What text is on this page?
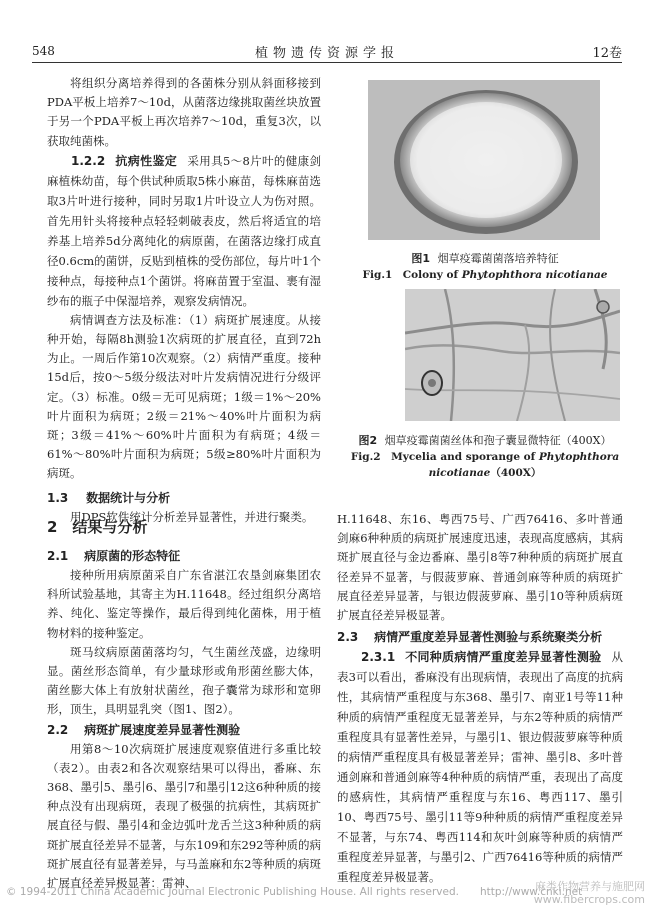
548	植物遗传资源学报	12卷

将组织分离培养得到的各菌株分别从斜面移接到PDA平板上培养7～10d，从菌落边缘挑取菌丝块放置于另一个PDA平板上再次培养7～10d，重复3次，以获取纯菌株。

1.2.2 抗病性鉴定 采用具5～8片叶的健康剑麻植株幼苗，每个供试种质取5株小麻苗，每株麻苗选取3片叶进行接种，同时另取1片叶设立人为伤对照。首先用针头将接种点轻轻刺破表皮，然后将适宜的培养基上培养5d分离纯化的病原菌，在菌落边缘打成直径0.6cm的菌饼，反贴到植株的受伤部位，每片叶1个接种点，每接种点1个菌饼。将麻苗置于室温、裹有湿纱布的瓶子中保湿培养，观察发病情况。

病情调查方法及标准：（1）病斑扩展速度。从接种开始，每隔8h测验1次病斑的扩展直径，直到72h为止。一周后作第10次观察。（2）病情严重度。接种15d后，按0～5级分级法对叶片发病情况进行分级评定。（3）标准。0级＝无可见病斑；1级＝1%～20%叶片面积为病斑；2级＝21%～40%叶片面积为病斑；3级＝41%～60%叶片面积为有病斑；4级＝61%～80%叶片面积为病斑；5级≥80%叶片面积为病斑。

1.3 数据统计与分析

用DPS软件统计分析差异显著性，并进行聚类。

图1 烟草疫霉菌菌落培养特征
Fig.1　Colony of Phytophthora nicotianae
图2 烟草疫霉菌菌丝体和孢子囊显微特征（400X）
Fig.2　Mycelia and sporange of Phytophthora
nicotianae（400X）
2　结果与分析

2.1 病原菌的形态特征

接种所用病原菌采自广东省湛江农垦剑麻集团农科所试验基地，其寄主为H.11648。经过组织分离培养、纯化、鉴定等操作，最后得到纯化菌株，用于植物材料的接种鉴定。

斑马纹病原菌菌落均匀，气生菌丝茂盛，边缘明显。菌丝形态简单，有少量球形或角形菌丝膨大体，菌丝膨大体上有放射状菌丝，孢子囊常为球形和宽卵形，顶生，具明显乳突（图1、图2）。

2.2 病斑扩展速度差异显著性测验

用第8～10次病斑扩展速度观察值进行多重比较（表2）。由表2和各次观察结果可以得出，番麻、东368、墨引5、墨引6、墨引7和墨引12这6种种质的接种点没有出现病斑，表现了极强的抗病性，其病斑扩展直径与假、墨引4和金边弧叶龙舌兰这3种种质的病斑扩展直径差异不显著，与东109和东292等种质的病斑扩展直径有显著差异，与马盖麻和东2等种质的病斑扩展直径差异极显著：雷神、

H.11648、东16、粤西75号、广西76416、多叶普通剑麻6种种质的病斑扩展速度迅速，表现高度感病，其病斑扩展直径与金边番麻、墨引8等7种种质的病斑扩展直径差异不显著，与假菠萝麻、普通剑麻等种质的病斑扩展直径差异显著，与银边假菠萝麻、墨引10等种质病斑扩展直径差异极显著。

2.3 病情严重度差异显著性测验与系统聚类分析

2.3.1 不同种质病情严重度差异显著性测验 从表3可以看出，番麻没有出现病情，表现出了高度的抗病性，其病情严重程度与东368、墨引7、南亚1号等11种种质的病情严重程度无显著差异，与东2等种质的病情严重程度具有显著性差异，与墨引1、银边假菠萝麻等种质的病情严重程度具有极显著差异；雷神、墨引8、多叶普通剑麻和普通剑麻等4种种质的病情严重，表现出了高度的感病性，其病情严重程度与东16、粤西117、墨引10、粤西75号、墨引11等9种种质的病情严重程度差异不显著，与东74、粤西114和灰叶剑麻等种质的病情严重程度差异显著，与墨引2、广西76416等种质的病情严重程度差异极显著。

© 1994-2011 China Academic Journal Electronic Publishing House. All rights reserved.　　http://www.cnki.net
麻类作物营养与施肥网
www.fibercrops.com
